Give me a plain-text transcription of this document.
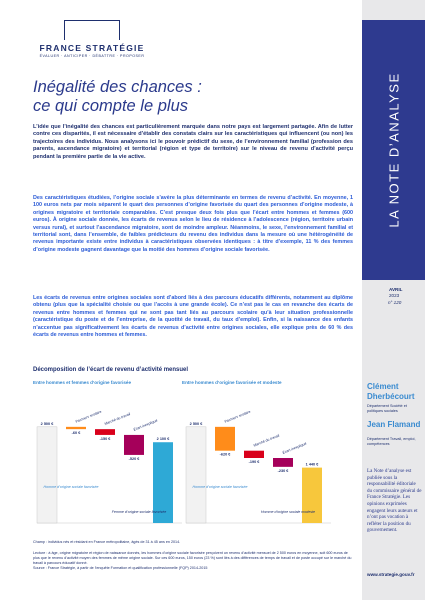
FRANCE STRATÉGIE
ÉVALUER · ANTICIPER · DÉBATTRE · PROPOSER
Inégalité des chances :
ce qui compte le plus
L’idée que l’inégalité des chances est particulièrement marquée dans notre pays est largement partagée. Afin de lutter contre ces disparités, il est nécessaire d’établir des constats clairs sur les caractéristiques qui influencent (ou non) les trajectoires des individus. Nous analysons ici le pouvoir prédictif du sexe, de l’environnement familial (profession des parents, ascendance migratoire) et territorial (région et type de territoire) sur le niveau de revenu d’activité perçu pendant la première partie de la vie active.
Des caractéristiques étudiées, l’origine sociale s’avère la plus déterminante en termes de revenu d’activité. En moyenne, 1 100 euros nets par mois séparent le quart des personnes d’origine favorisée du quart des personnes d’origine modeste, à origines migratoire et territoriale comparables. C’est presque deux fois plus que l’écart entre hommes et femmes (600 euros). À origine sociale donnée, les écarts de revenus selon le lieu de résidence à l’adolescence (région, territoire urbain versus rural), et surtout l’ascendance migratoire, sont de moindre ampleur. Néanmoins, le sexe, l’environnement familial et territorial sont, dans l’ensemble, de faibles prédicteurs du revenu des individus dans la mesure où une hétérogénéité de revenus importante existe entre individus à caractéristiques observées identiques : à titre d’exemple, 11 % des femmes d’origine modeste gagnent davantage que la moitié des hommes d’origine sociale favorisée.
Les écarts de revenus entre origines sociales sont d’abord liés à des parcours éducatifs différents, notamment au diplôme obtenu (plus que la spécialité choisie ou que l’accès à une grande école). Ce n’est pas le cas en revanche des écarts de revenus entre hommes et femmes qui ne sont pas tant liés au parcours scolaire qu’à leur situation professionnelle (caractéristique du poste et de l’entreprise, de la quotité de travail, du taux d’emploi). Enfin, si la naissance des enfants n’accentue pas significativement les écarts de revenus d’activité entre origines sociales, elle explique près de 60 % des écarts de revenus entre hommes et femmes.
Décomposition de l’écart de revenu d’activité mensuel
Entre hommes et femmes d’origine favorisée	Entre hommes d’origine favorisée et modeste
2 500 €
Homme d’origine sociale favorisée
-60 €
Parcours scolaire
-150 €
Marché du travail
-520 €
Écart inexpliqué
2 100 €
Femme d’origine sociale favorisée
2 500 €
Homme d’origine sociale favorisée
-620 €
Parcours scolaire
-190 €
Marché du travail
-230 €
Écart inexpliqué
1 440 €
Homme d’origine sociale modeste
Champ : individus nés et résidant en France métropolitaine, âgés de 31 à 45 ans en 2014.
Lecture : à âge, origine migratoire et région de naissance donnés, les hommes d’origine sociale favorisée perçoivent un revenu d’activité mensuel de 2 500 euros en moyenne, soit 600 euros de plus que le revenu d’activité moyen des femmes de même origine sociale. Sur ces 600 euros, 150 euros (23 %) sont liés à des différences de temps de travail et de poste occupé sur le marché du travail à parcours éducatif donné.
Source : France Stratégie, à partir de l’enquête Formation et qualification professionnelle (FQP) 2014-2015
LA NOTE D’ANALYSE
AVRIL
2023
n° 120
Clément
Dherbécourt
Département Société et politiques sociales
Jean Flamand
Département Travail, emploi, compétences
La Note d’analyse est publiée sous la responsabilité éditoriale du commissaire général de France Stratégie. Les opinions exprimées engagent leurs auteurs et n’ont pas vocation à refléter la position du gouvernement.
www.strategie.gouv.fr
